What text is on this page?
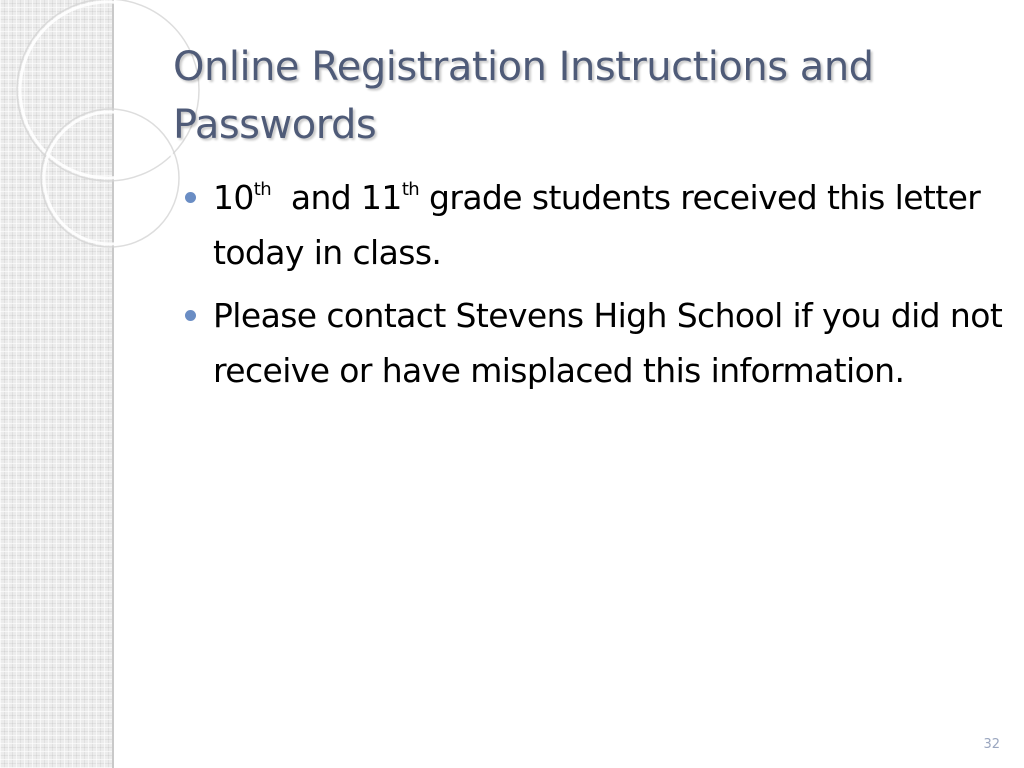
Online Registration Instructions and Passwords
10th  and 11th grade students received this letter today in class.
Please contact Stevens High School if you did not receive or have misplaced this information.
32
